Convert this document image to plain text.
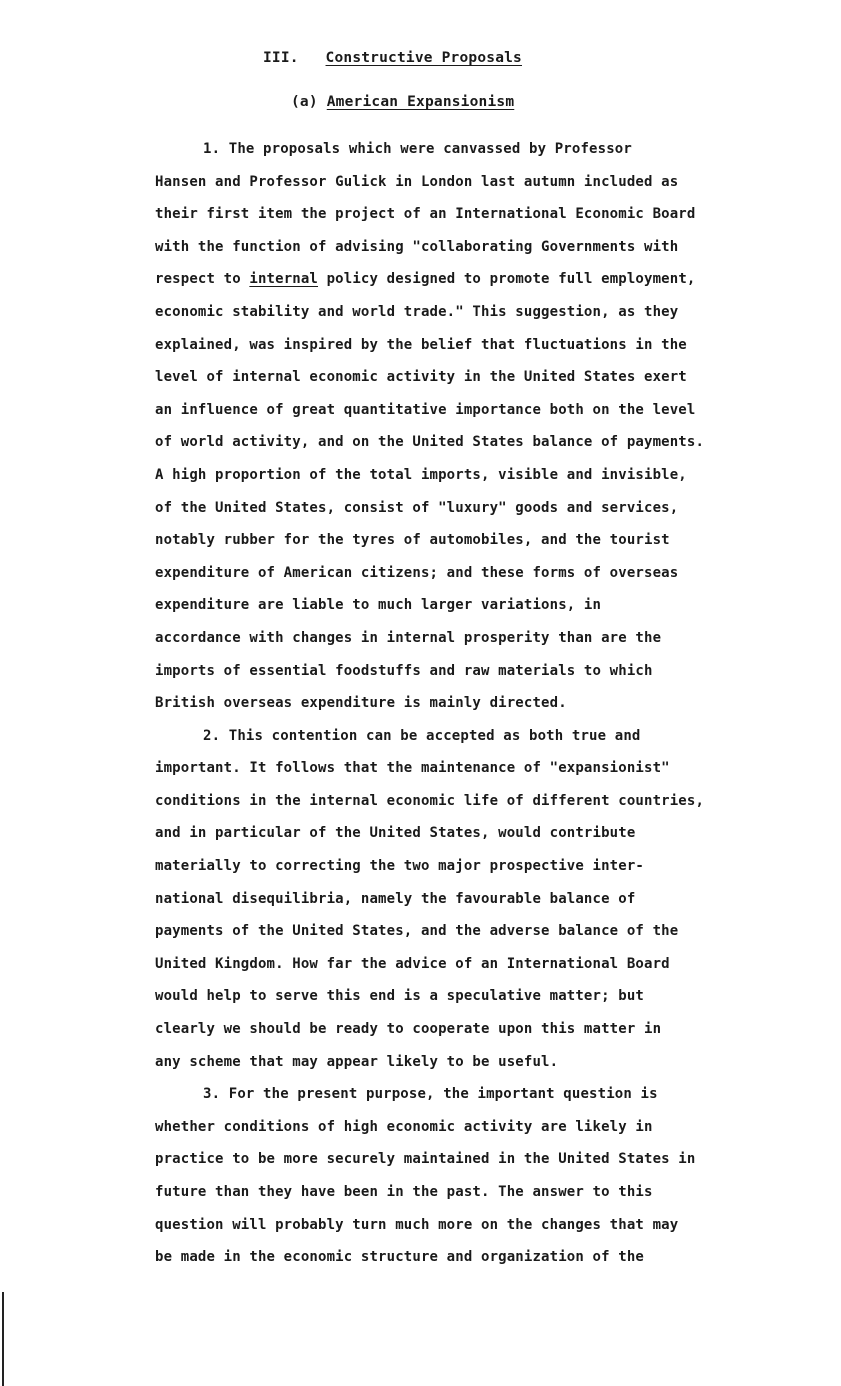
III. Constructive Proposals
(a) American Expansionism
1. The proposals which were canvassed by Professor
Hansen and Professor Gulick in London last autumn included as
their first item the project of an International Economic Board
with the function of advising "collaborating Governments with
respect to internal policy designed to promote full employment,
economic stability and world trade." This suggestion, as they
explained, was inspired by the belief that fluctuations in the
level of internal economic activity in the United States exert
an influence of great quantitative importance both on the level
of world activity, and on the United States balance of payments.
A high proportion of the total imports, visible and invisible,
of the United States, consist of "luxury" goods and services,
notably rubber for the tyres of automobiles, and the tourist
expenditure of American citizens; and these forms of overseas
expenditure are liable to much larger variations, in
accordance with changes in internal prosperity than are the
imports of essential foodstuffs and raw materials to which
British overseas expenditure is mainly directed.
2. This contention can be accepted as both true and
important. It follows that the maintenance of "expansionist"
conditions in the internal economic life of different countries,
and in particular of the United States, would contribute
materially to correcting the two major prospective inter-
national disequilibria, namely the favourable balance of
payments of the United States, and the adverse balance of the
United Kingdom. How far the advice of an International Board
would help to serve this end is a speculative matter; but
clearly we should be ready to cooperate upon this matter in
any scheme that may appear likely to be useful.
3. For the present purpose, the important question is
whether conditions of high economic activity are likely in
practice to be more securely maintained in the United States in
future than they have been in the past. The answer to this
question will probably turn much more on the changes that may
be made in the economic structure and organization of the
